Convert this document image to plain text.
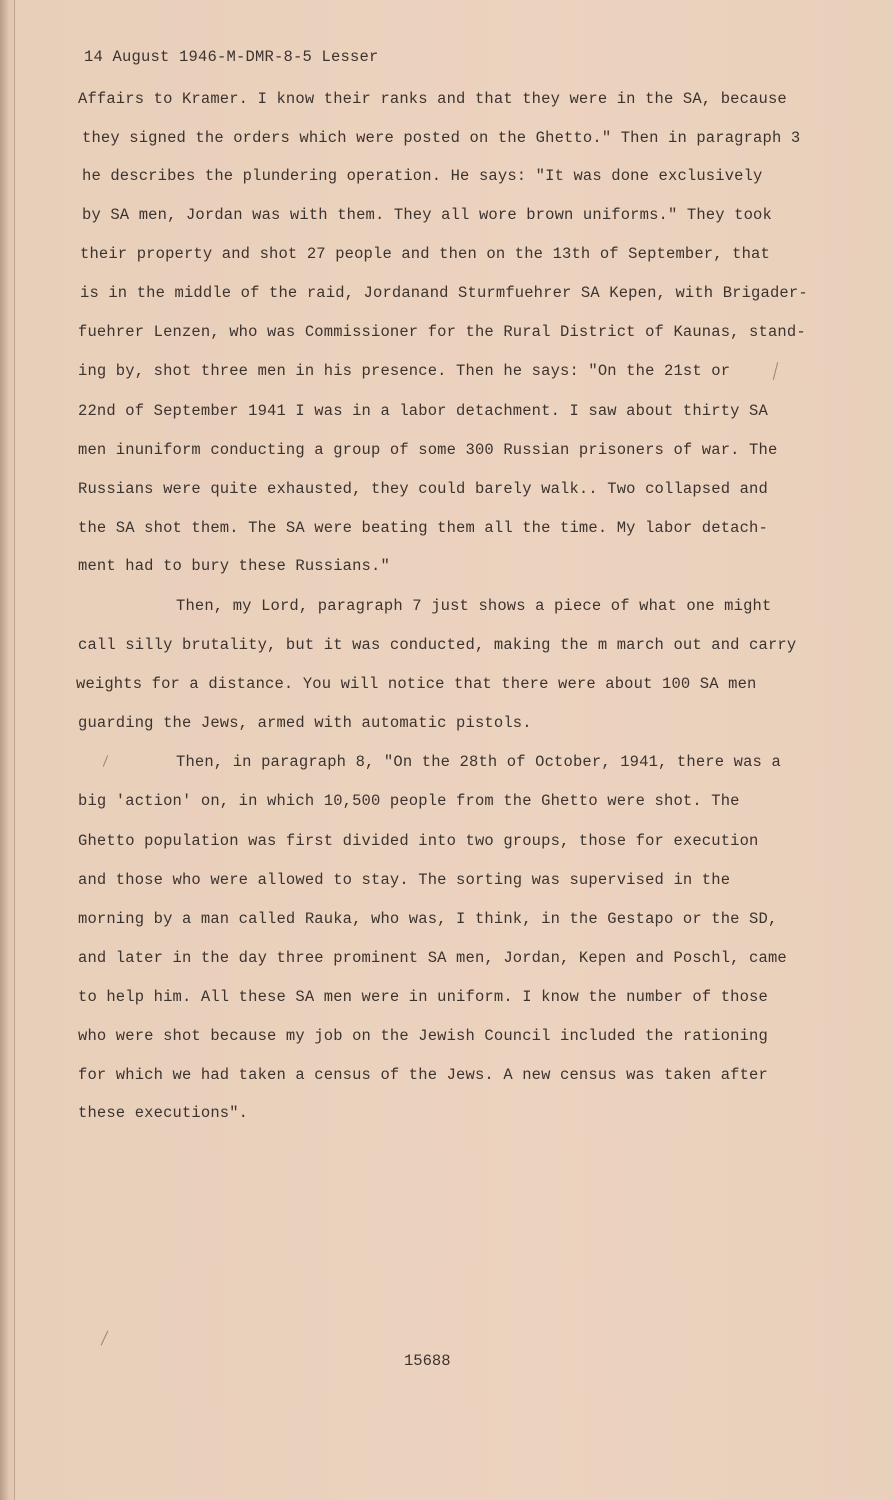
14 August 1946-M-DMR-8-5 Lesser
Affairs to Kramer. I know their ranks and that they were in the SA, because
they signed the orders which were posted on the Ghetto." Then in paragraph 3
he describes the plundering operation. He says: "It was done exclusively
by SA men, Jordan was with them. They all wore brown uniforms." They took
their property and shot 27 people and then on the 13th of September, that
is in the middle of the raid, Jordanand Sturmfuehrer SA Kepen, with Brigader-
fuehrer Lenzen, who was Commissioner for the Rural District of Kaunas, stand-
ing by, shot three men in his presence. Then he says: "On the 21st or
22nd of September 1941 I was in a labor detachment. I saw about thirty SA
men inuniform conducting a group of some 300 Russian prisoners of war. The
Russians were quite exhausted, they could barely walk.. Two collapsed and
the SA shot them. The SA were beating them all the time. My labor detach-
ment had to bury these Russians."
Then, my Lord, paragraph 7 just shows a piece of what one might
call silly brutality, but it was conducted, making the m march out and carry
weights for a distance. You will notice that there were about 100 SA men
guarding the Jews, armed with automatic pistols.
Then, in paragraph 8, "On the 28th of October, 1941, there was a
big 'action' on, in which 10,500 people from the Ghetto were shot. The
Ghetto population was first divided into two groups, those for execution
and those who were allowed to stay. The sorting was supervised in the
morning by a man called Rauka, who was, I think, in the Gestapo or the SD,
and later in the day three prominent SA men, Jordan, Kepen and Poschl, came
to help him. All these SA men were in uniform. I know the number of those
who were shot because my job on the Jewish Council included the rationing
for which we had taken a census of the Jews. A new census was taken after
these executions".
15688
